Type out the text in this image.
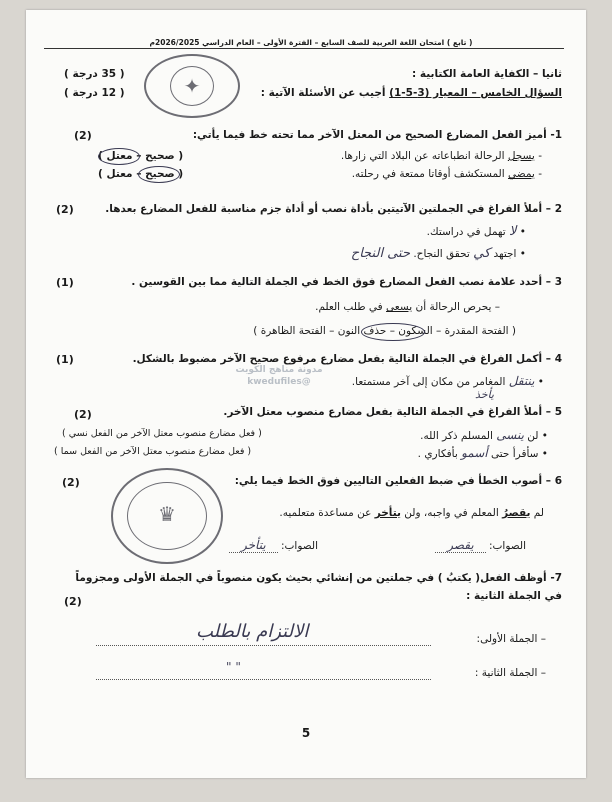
( تابع ) امتحان اللغة العربية للصف السابع – الفترة الأولى – العام الدراسي 2026/2025م
✦	ثانيا – الكفاية العامة الكتابية :
السؤال الخامس – المعيار (3-5-1) أجيب عن الأسئلة الآتية :
( 35 درجة )
( 12 درجة )
1- أميز الفعل المضارع الصحيح من المعتل الآخر مما تحته خط فيما يأتي:
(2)
- يسجل الرحالة انطباعاته عن البلاد التي زارها.
( صحيح – معتل )
- يمضي المستكشف أوقاتا ممتعة في رحلته.
( صحيح – معتل )
2 – أملأ الفراغ في الجملتين الآتيتين بأداة نصب أو أداة جزم مناسبة للفعل المضارع بعدها.
(2)
• لا تهمل في دراستك.
• اجتهد كي تحقق النجاح. حتى النجاح
3 – أحدد علامة نصب الفعل المضارع فوق الخط في الجملة التالية مما بين القوسين .
(1)
– يحرص الرحالة أن يسعى في طلب العلم.
( الفتحة المقدرة – السكون – حذف النون – الفتحة الظاهرة )
مدونة مناهج الكويت
@kwedufiles
4 – أكمل الفراغ في الجملة التالية بفعل مضارع مرفوع صحيح الآخر مضبوط بالشكل.
(1)
• ينتقل المغامر من مكان إلى آخر مستمتعا.
يأخذ
5 – أملأ الفراغ في الجملة التالية بفعل مضارع منصوب معتل الآخر.
(2)
• لن ينسى المسلم ذكر الله.
( فعل مضارع منصوب معتل الآخر من الفعل نسي )
• سأقرأ حتى أسمو بأفكاري .
( فعل مضارع منصوب معتل الآخر من الفعل سما )
♛
6 – أصوب الخطأ في ضبط الفعلين التاليين فوق الخط فيما يلي:
(2)
لم يقصرُ المعلم في واجبه، ولن يتأخر عن مساعدة متعلميه.
الصواب: يقصر
الصواب: يتأخر
7- أوظف الفعل( يكتبُ ) في جملتين من إنشائي بحيث يكون منصوباً في الجملة الأولى ومجزوماً
في الجملة الثانية :
(2)
– الجملة الأولى:
الالتزام بالطلب
– الجملة الثانية :
" "
5
